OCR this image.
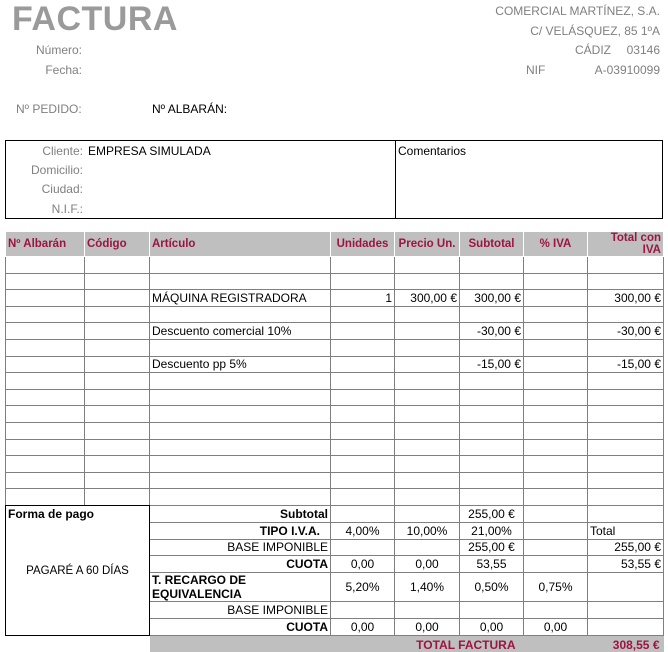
FACTURA
Número:
Fecha:
COMERCIAL MARTÍNEZ, S.A.
C/ VELÁSQUEZ, 85 1ºA
CÁDIZ 03146
NIF	A-03910099
Nº PEDIDO:	Nº ALBARÁN:
Cliente: EMPRESA SIMULADA
Domicilio:
Ciudad:
N.I.F.:
Comentarios
Nº Albarán	Código	Artículo	Unidades	Precio Un.	Subtotal	% IVA	Total con IVA

		MÁQUINA REGISTRADORA	1	300,00 €	300,00 €		300,00 €

		Descuento comercial 10%			-30,00 €		-30,00 €

		Descuento pp 5%			-15,00 €		-15,00 €

Forma de pago
PAGARÉ A 60 DÍAS	Subtotal			255,00 €		
	TIPO I.V.A.	4,00%	10,00%	21,00%		Total
	BASE IMPONIBLE			255,00 €		255,00 €
	CUOTA	0,00	0,00	53,55		53,55 €
	T. RECARGO DE EQUIVALENCIA	5,20%	1,40%	0,50%	0,75%	
	BASE IMPONIBLE					
	CUOTA	0,00	0,00	0,00	0,00	

					TOTAL FACTURA 308,55 €	
